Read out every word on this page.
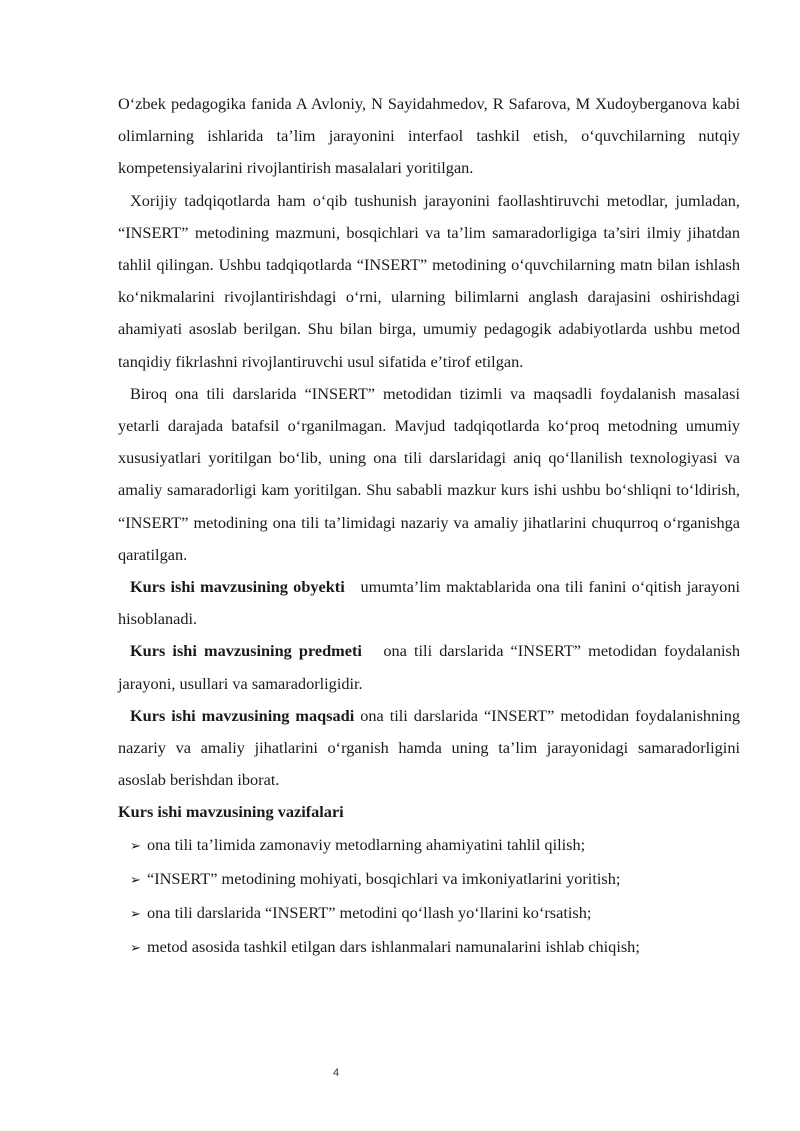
O‘zbek pedagogika fanida A Avloniy, N Sayidahmedov, R Safarova, M Xudoyberganova kabi olimlarning ishlarida ta’lim jarayonini interfaol tashkil etish, o‘quvchilarning nutqiy kompetensiyalarini rivojlantirish masalalari yoritilgan.

Xorijiy tadqiqotlarda ham o‘qib tushunish jarayonini faollashtiruvchi metodlar, jumladan, “INSERT” metodining mazmuni, bosqichlari va ta’lim samaradorligiga ta’siri ilmiy jihatdan tahlil qilingan. Ushbu tadqiqotlarda “INSERT” metodining o‘quvchilarning matn bilan ishlash ko‘nikmalarini rivojlantirishdagi o‘rni, ularning bilimlarni anglash darajasini oshirishdagi ahamiyati asoslab berilgan. Shu bilan birga, umumiy pedagogik adabiyotlarda ushbu metod tanqidiy fikrlashni rivojlantiruvchi usul sifatida e’tirof etilgan.

Biroq ona tili darslarida “INSERT” metodidan tizimli va maqsadli foydalanish masalasi yetarli darajada batafsil o‘rganilmagan. Mavjud tadqiqotlarda ko‘proq metodning umumiy xususiyatlari yoritilgan bo‘lib, uning ona tili darslaridagi aniq qo‘llanilish texnologiyasi va amaliy samaradorligi kam yoritilgan. Shu sababli mazkur kurs ishi ushbu bo‘shliqni to‘ldirish, “INSERT” metodining ona tili ta’limidagi nazariy va amaliy jihatlarini chuqurroq o‘rganishga qaratilgan.

Kurs ishi mavzusining obyekti umumta’lim maktablarida ona tili fanini o‘qitish jarayoni hisoblanadi.

Kurs ishi mavzusining predmeti ona tili darslarida “INSERT” metodidan foydalanish jarayoni, usullari va samaradorligidir.

Kurs ishi mavzusining maqsadi ona tili darslarida “INSERT” metodidan foydalanishning nazariy va amaliy jihatlarini o‘rganish hamda uning ta’lim jarayonidagi samaradorligini asoslab berishdan iborat.

Kurs ishi mavzusining vazifalari

➢ ona tili ta’limida zamonaviy metodlarning ahamiyatini tahlil qilish;
➢ “INSERT” metodining mohiyati, bosqichlari va imkoniyatlarini yoritish;
➢ ona tili darslarida “INSERT” metodini qo‘llash yo‘llarini ko‘rsatish;
➢ metod asosida tashkil etilgan dars ishlanmalari namunalarini ishlab chiqish;
4
